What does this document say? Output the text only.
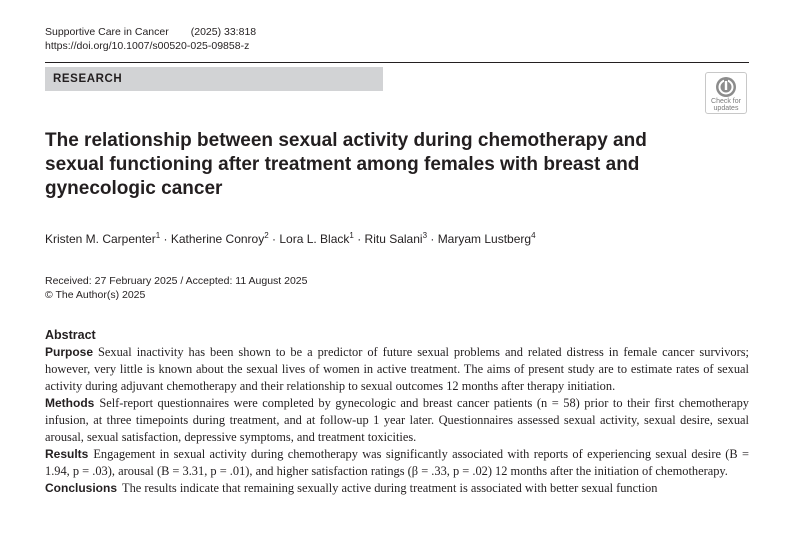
Supportive Care in Cancer (2025) 33:818
https://doi.org/10.1007/s00520-025-09858-z
RESEARCH
Check for
updates
The relationship between sexual activity during chemotherapy and sexual functioning after treatment among females with breast and gynecologic cancer
Kristen M. Carpenter$^1$ · Katherine Conroy$^2$ · Lora L. Black$^1$ · Ritu Salani$^3$ · Maryam Lustberg$^4$
Received: 27 February 2025 / Accepted: 11 August 2025
© The Author(s) 2025
Abstract

Purpose Sexual inactivity has been shown to be a predictor of future sexual problems and related distress in female cancer survivors; however, very little is known about the sexual lives of women in active treatment. The aims of present study are to estimate rates of sexual activity during adjuvant chemotherapy and their relationship to sexual outcomes 12 months after therapy initiation.

Methods Self-report questionnaires were completed by gynecologic and breast cancer patients (n = 58) prior to their first chemotherapy infusion, at three timepoints during treatment, and at follow-up 1 year later. Questionnaires assessed sexual activity, sexual desire, sexual arousal, sexual satisfaction, depressive symptoms, and treatment toxicities.

Results Engagement in sexual activity during chemotherapy was significantly associated with reports of experiencing sexual desire (B = 1.94, p = .03), arousal (B = 3.31, p = .01), and higher satisfaction ratings (β = .33, p = .02) 12 months after the initiation of chemotherapy.

Conclusions The results indicate that remaining sexually active during treatment is associated with better sexual function
